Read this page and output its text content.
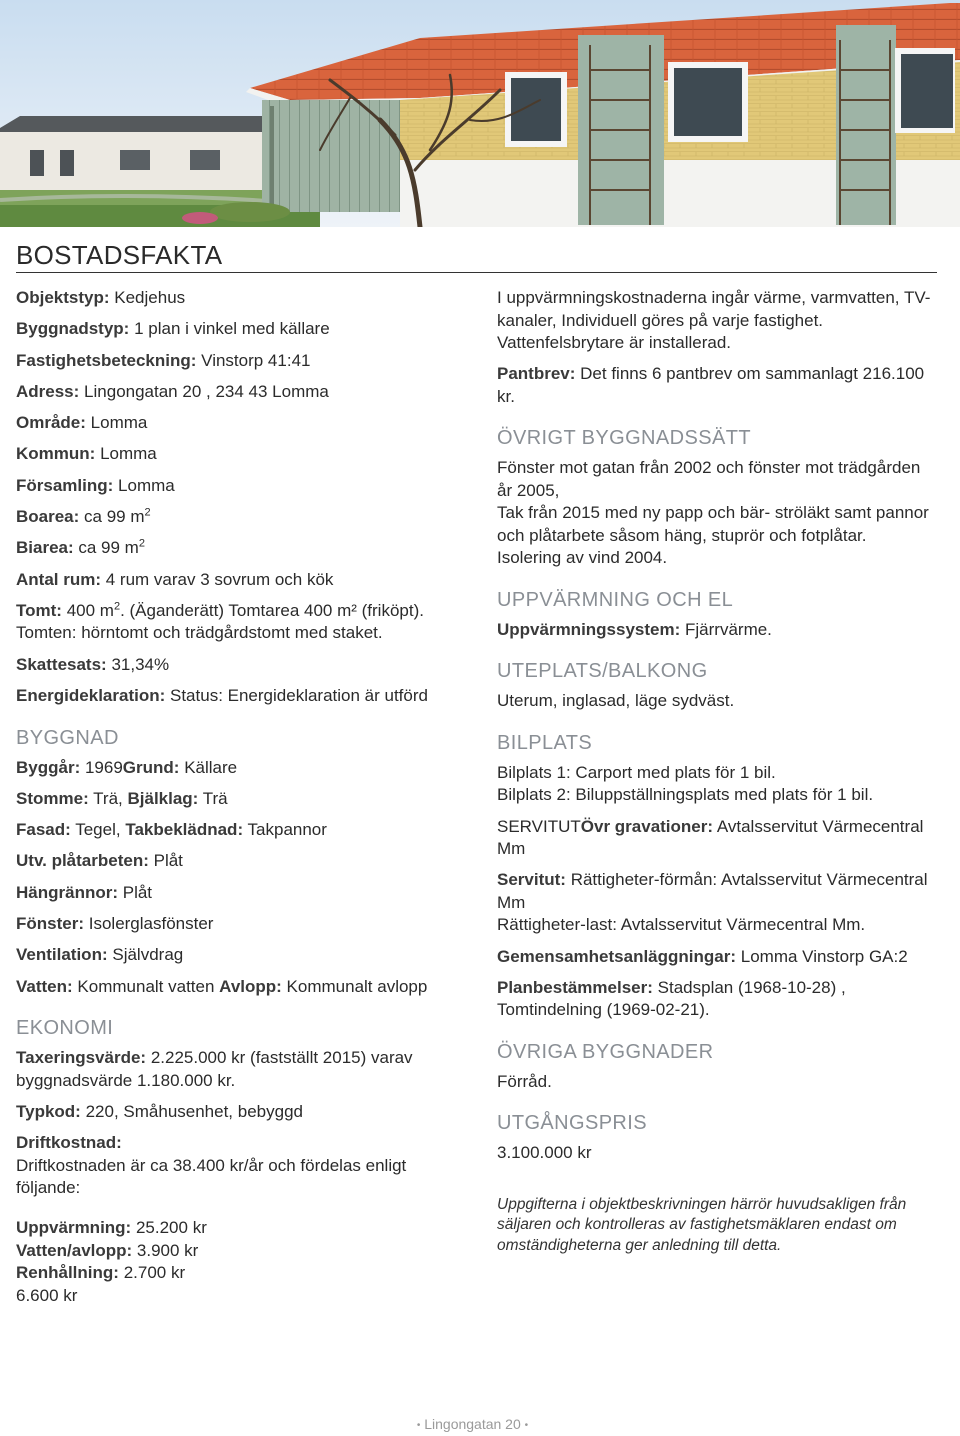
BOSTADSFAKTA

Objektstyp: Kedjehus

Byggnadstyp: 1 plan i vinkel med källare

Fastighetsbeteckning: Vinstorp 41:41

Adress: Lingongatan 20 , 234 43 Lomma

Område: Lomma

Kommun: Lomma

Församling: Lomma

Boarea: ca 99 $m^2$

Biarea: ca 99 $m^2$

Antal rum: 4 rum varav 3 sovrum och kök

Tomt: 400 $m^2$. (Äganderätt) Tomtarea 400 m² (friköpt). Tomten: hörntomt och trädgårdstomt med staket.

Skattesats: 31,34%

Energideklaration: Status: Energideklaration är utförd

BYGGNAD

Byggår: 1969Grund: Källare

Stomme: Trä, Bjälklag: Trä

Fasad: Tegel, Takbeklädnad: Takpannor

Utv. plåtarbeten: Plåt

Hängrännor: Plåt

Fönster: Isolerglasfönster

Ventilation: Självdrag

Vatten: Kommunalt vatten Avlopp: Kommunalt avlopp

EKONOMI

Taxeringsvärde: 2.225.000 kr (fastställt 2015) varav byggnadsvärde 1.180.000 kr.

Typkod: 220, Småhusenhet, bebyggd

Driftkostnad:
Driftkostnaden är ca 38.400 kr/år och fördelas enligt följande:

Uppvärmning: 25.200 kr

Vatten/avlopp: 3.900 kr

Renhållning: 2.700 kr

6.600 kr

I uppvärmningskostnaderna ingår värme, varmvatten, TV-kanaler, Individuell göres på varje fastighet.

Vattenfelsbrytare är installerad.

Pantbrev: Det finns 6 pantbrev om sammanlagt 216.100 kr.

ÖVRIGT BYGGNADSSÄTT

Fönster mot gatan från 2002 och fönster mot trädgården år 2005,

Tak från 2015 med ny papp och bär- ströläkt samt pannor och plåtarbete såsom häng, stuprör och fotplåtar.

Isolering av vind 2004.

UPPVÄRMNING OCH EL

Uppvärmningssystem: Fjärrvärme.

UTEPLATS/BALKONG

Uterum, inglasad, läge sydväst.

BILPLATS

Bilplats 1: Carport med plats för 1 bil.

Bilplats 2: Biluppställningsplats med plats för 1 bil.

SERVITUTÖvr gravationer: Avtalsservitut Värmecentral Mm

Servitut: Rättigheter-förmån: Avtalsservitut Värmecentral Mm

Rättigheter-last: Avtalsservitut Värmecentral Mm.

Gemensamhetsanläggningar: Lomma Vinstorp GA:2

Planbestämmelser: Stadsplan (1968-10-28) , Tomtindelning (1969-02-21).

ÖVRIGA BYGGNADER

Förråd.

UTGÅNGSPRIS

3.100.000 kr

Uppgifterna i objektbeskrivningen härrör huvudsakligen från säljaren och kontrolleras av fastighetsmäklaren endast om omständigheterna ger anledning till detta.

• Lingongatan 20 •
